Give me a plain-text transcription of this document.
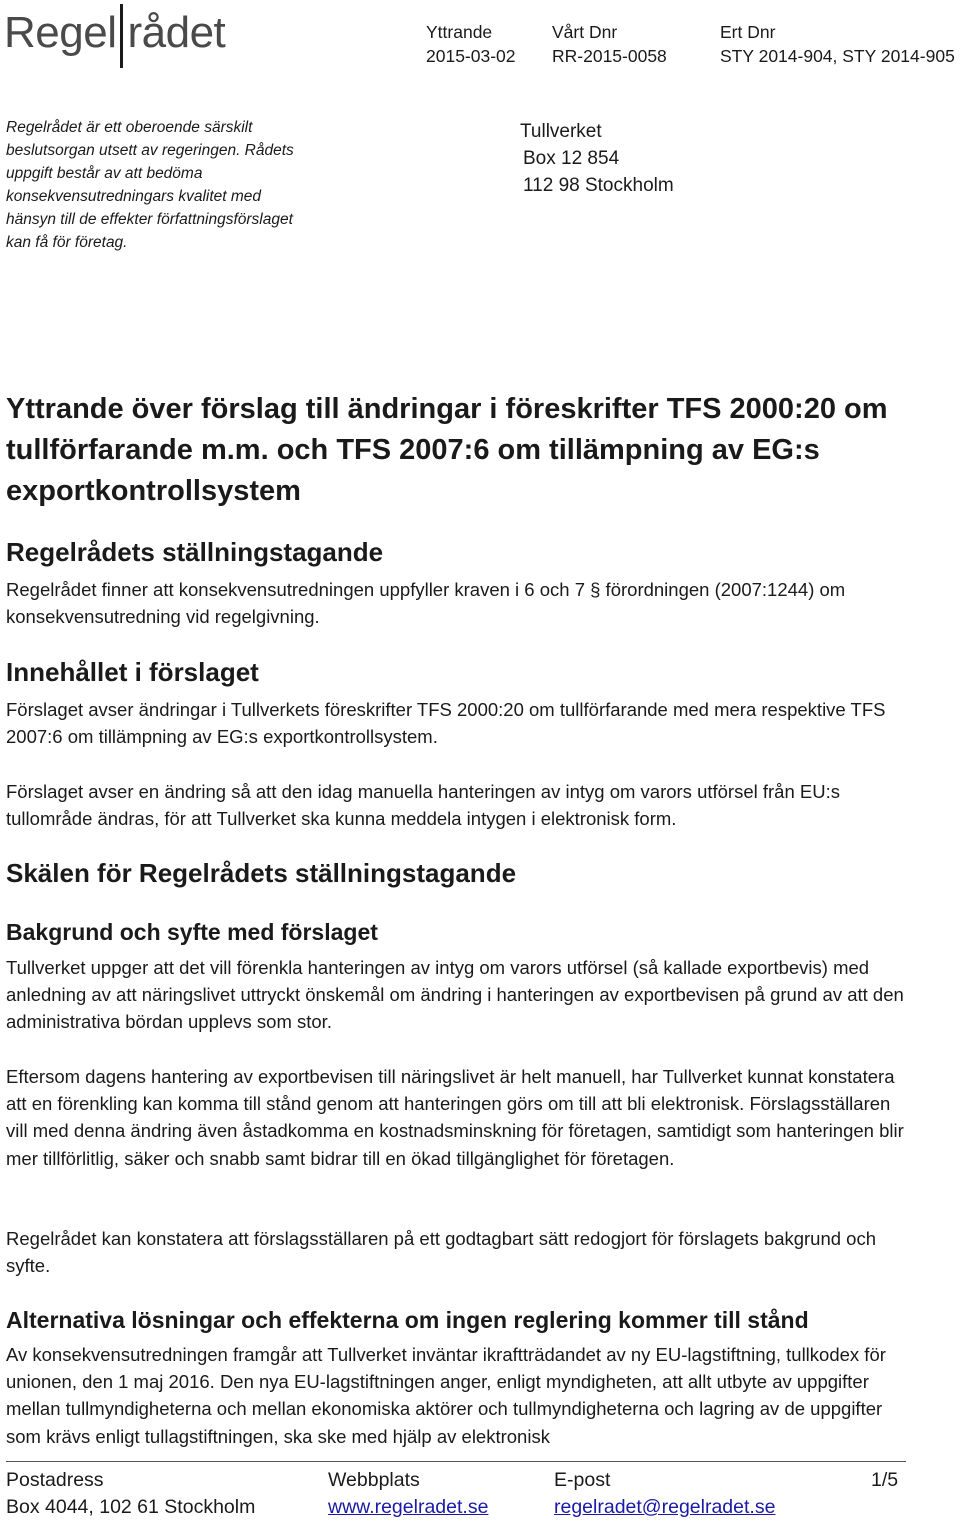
Regel rådet	Yttrande
2015-03-02
Vårt Dnr
RR-2015-0058
Ert Dnr
STY 2014-904, STY 2014-905
Regelrådet är ett oberoende särskilt beslutsorgan utsett av regeringen. Rådets uppgift består av att bedöma konsekvensutredningars kvalitet med hänsyn till de effekter författningsförslaget kan få för företag.
Tullverket
Box 12 854
112 98 Stockholm
Yttrande över förslag till ändringar i föreskrifter TFS 2000:20 om tullförfarande m.m. och TFS 2007:6 om tillämpning av EG:s exportkontrollsystem
Regelrådets ställningstagande
Regelrådet finner att konsekvensutredningen uppfyller kraven i 6 och 7 § förordningen (2007:1244) om konsekvensutredning vid regelgivning.
Innehållet i förslaget
Förslaget avser ändringar i Tullverkets föreskrifter TFS 2000:20 om tullförfarande med mera respektive TFS 2007:6 om tillämpning av EG:s exportkontrollsystem.
Förslaget avser en ändring så att den idag manuella hanteringen av intyg om varors utförsel från EU:s tullområde ändras, för att Tullverket ska kunna meddela intygen i elektronisk form.
Skälen för Regelrådets ställningstagande
Bakgrund och syfte med förslaget
Tullverket uppger att det vill förenkla hanteringen av intyg om varors utförsel (så kallade exportbevis) med anledning av att näringslivet uttryckt önskemål om ändring i hanteringen av exportbevisen på grund av att den administrativa bördan upplevs som stor.
Eftersom dagens hantering av exportbevisen till näringslivet är helt manuell, har Tullverket kunnat konstatera att en förenkling kan komma till stånd genom att hanteringen görs om till att bli elektronisk. Förslagsställaren vill med denna ändring även åstadkomma en kostnadsminskning för företagen, samtidigt som hanteringen blir mer tillförlitlig, säker och snabb samt bidrar till en ökad tillgänglighet för företagen.
Regelrådet kan konstatera att förslagsställaren på ett godtagbart sätt redogjort för förslagets bakgrund och syfte.
Alternativa lösningar och effekterna om ingen reglering kommer till stånd
Av konsekvensutredningen framgår att Tullverket inväntar ikraftträdandet av ny EU-lagstiftning, tullkodex för unionen, den 1 maj 2016. Den nya EU-lagstiftningen anger, enligt myndigheten, att allt utbyte av uppgifter mellan tullmyndigheterna och mellan ekonomiska aktörer och tullmyndigheterna och lagring av de uppgifter som krävs enligt tullagstiftningen, ska ske med hjälp av elektronisk
Postadress
Box 4044, 102 61 Stockholm
Webbplats
www.regelradet.se
E-post
regelradet@regelradet.se
1/5
